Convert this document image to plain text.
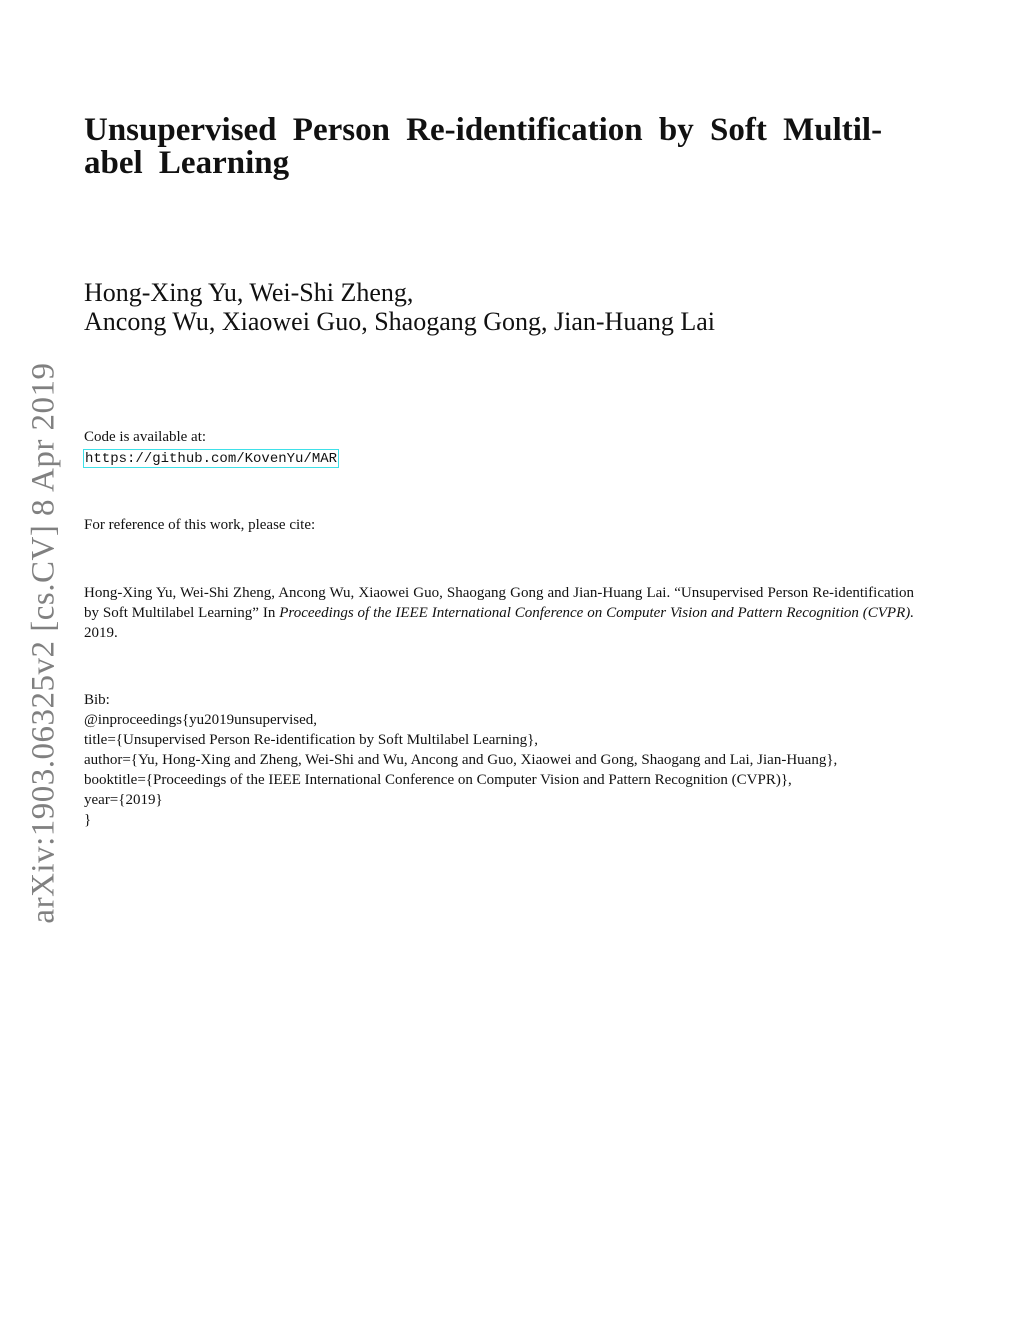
arXiv:1903.06325v2 [cs.CV] 8 Apr 2019
Unsupervised Person Re-identification by Soft Multil-
abel Learning
Hong-Xing Yu, Wei-Shi Zheng,
Ancong Wu, Xiaowei Guo, Shaogang Gong, Jian-Huang Lai
Code is available at:
https://github.com/KovenYu/MAR
For reference of this work, please cite:

Hong-Xing Yu, Wei-Shi Zheng, Ancong Wu, Xiaowei Guo, Shaogang Gong and Jian-Huang Lai. “Unsupervised Person Re-identification by Soft Multilabel Learning” In Proceedings of the IEEE International Conference on Computer Vision and Pattern Recognition (CVPR). 2019.

Bib:
@inproceedings{yu2019unsupervised,
title={Unsupervised Person Re-identification by Soft Multilabel Learning},
author={Yu, Hong-Xing and Zheng, Wei-Shi and Wu, Ancong and Guo, Xiaowei and Gong, Shaogang and Lai, Jian-Huang},
booktitle={Proceedings of the IEEE International Conference on Computer Vision and Pattern Recognition (CVPR)},
year={2019}
}
